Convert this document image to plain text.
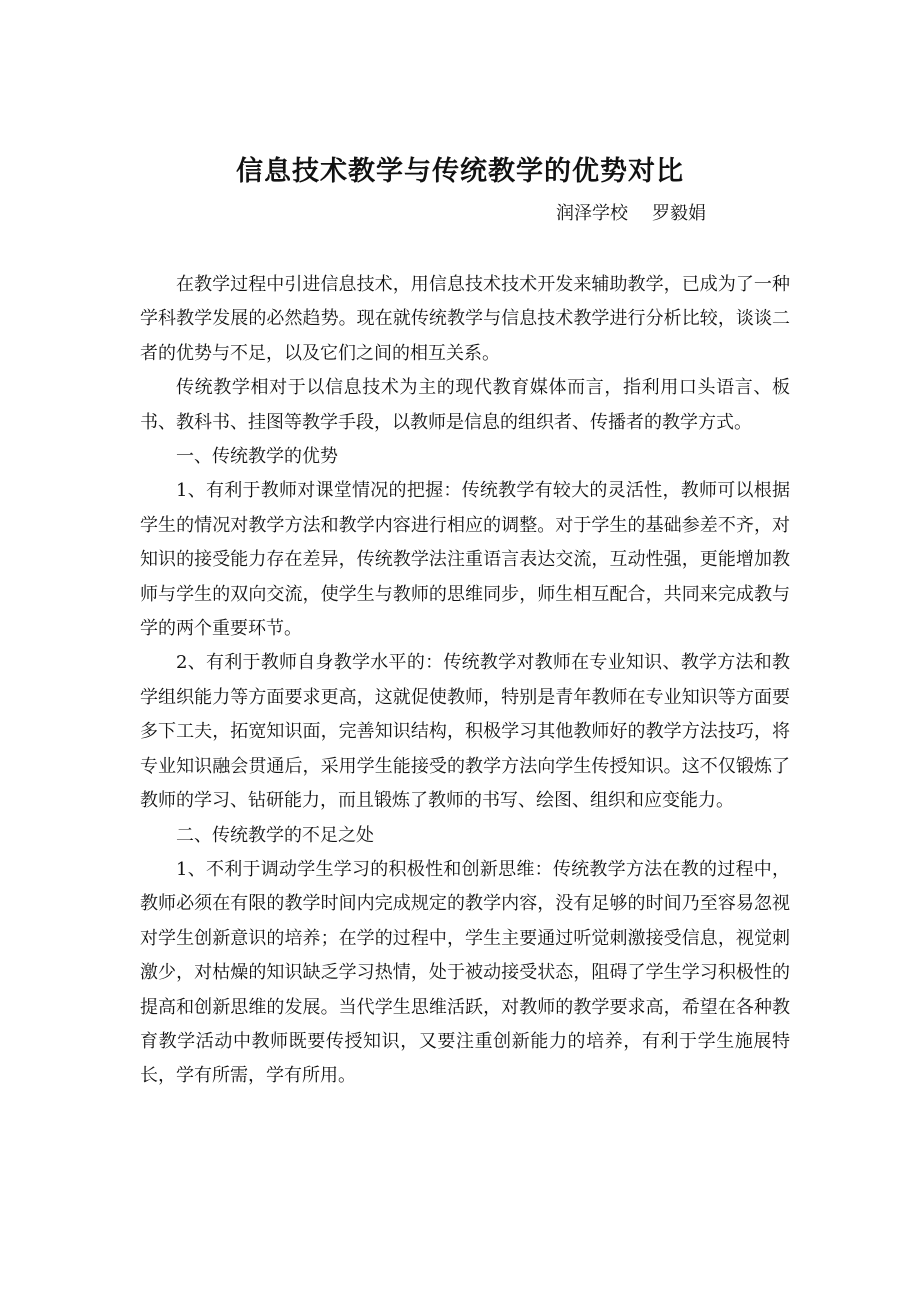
信息技术教学与传统教学的优势对比
润泽学校 罗毅娟

在教学过程中引进信息技术，用信息技术技术开发来辅助教学，已成为了一种学科教学发展的必然趋势。现在就传统教学与信息技术教学进行分析比较，谈谈二者的优势与不足，以及它们之间的相互关系。

传统教学相对于以信息技术为主的现代教育媒体而言，指利用口头语言、板书、教科书、挂图等教学手段，以教师是信息的组织者、传播者的教学方式。

一、传统教学的优势

1、有利于教师对课堂情况的把握：传统教学有较大的灵活性，教师可以根据学生的情况对教学方法和教学内容进行相应的调整。对于学生的基础参差不齐，对知识的接受能力存在差异，传统教学法注重语言表达交流，互动性强，更能增加教师与学生的双向交流，使学生与教师的思维同步，师生相互配合，共同来完成教与学的两个重要环节。

2、有利于教师自身教学水平的：传统教学对教师在专业知识、教学方法和教学组织能力等方面要求更高，这就促使教师，特别是青年教师在专业知识等方面要多下工夫，拓宽知识面，完善知识结构，积极学习其他教师好的教学方法技巧，将专业知识融会贯通后，采用学生能接受的教学方法向学生传授知识。这不仅锻炼了教师的学习、钻研能力，而且锻炼了教师的书写、绘图、组织和应变能力。

二、传统教学的不足之处

1、不利于调动学生学习的积极性和创新思维：传统教学方法在教的过程中，教师必须在有限的教学时间内完成规定的教学内容，没有足够的时间乃至容易忽视对学生创新意识的培养；在学的过程中，学生主要通过听觉刺激接受信息，视觉刺激少，对枯燥的知识缺乏学习热情，处于被动接受状态，阻碍了学生学习积极性的提高和创新思维的发展。当代学生思维活跃，对教师的教学要求高，希望在各种教育教学活动中教师既要传授知识，又要注重创新能力的培养，有利于学生施展特长，学有所需，学有所用。
